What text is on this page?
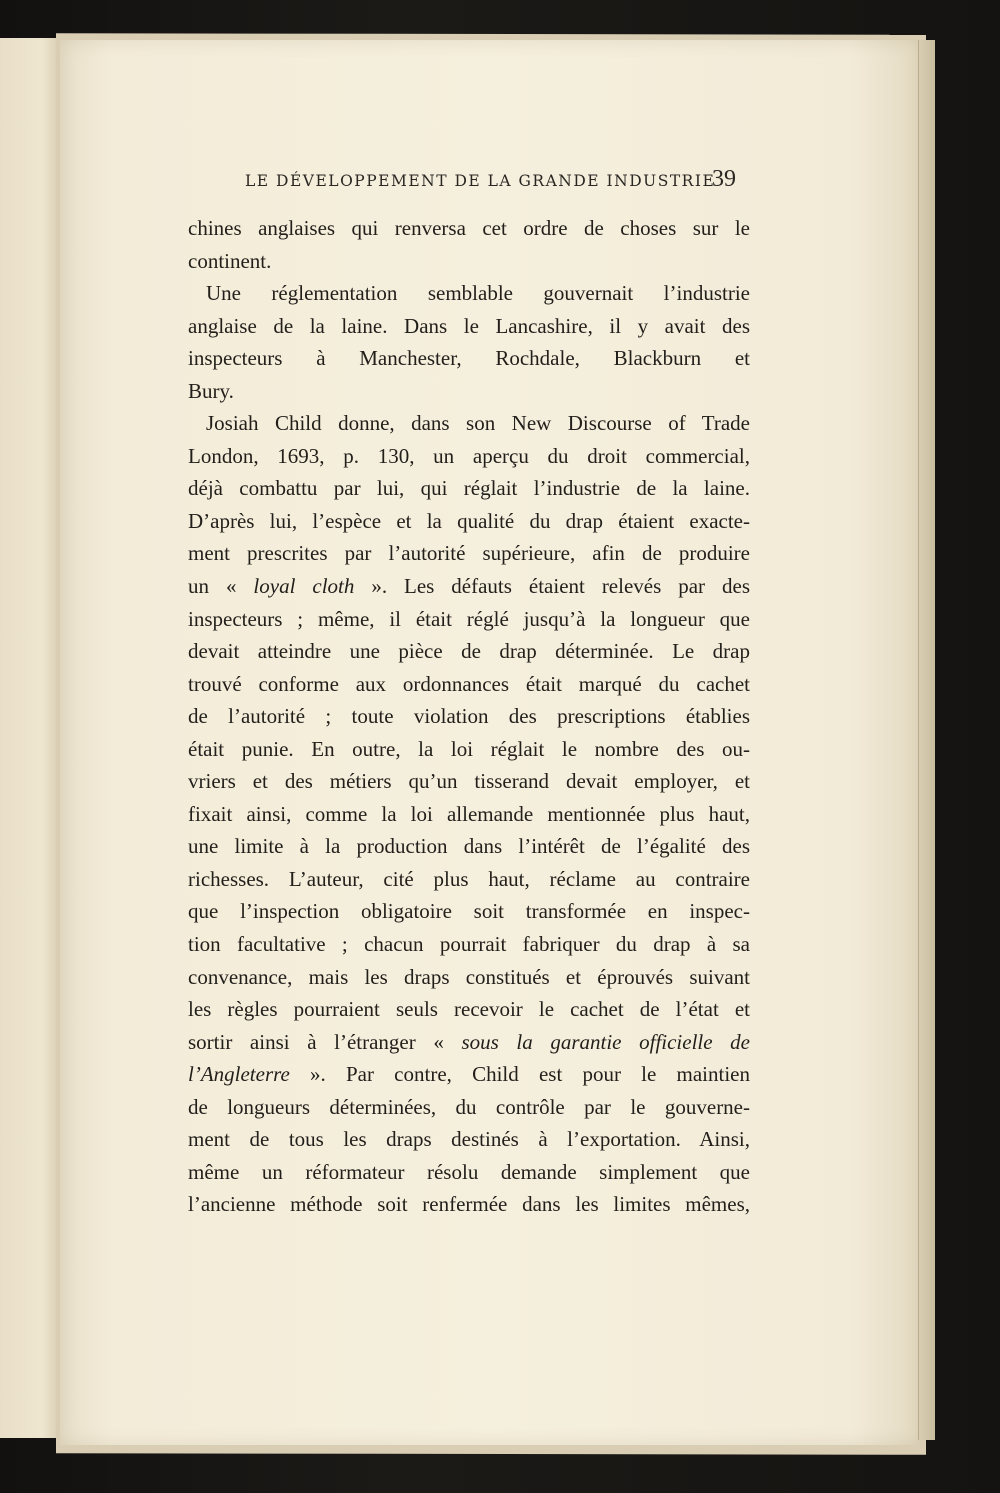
LE DÉVELOPPEMENT DE LA GRANDE INDUSTRIE
39
chines anglaises qui renversa cet ordre de choses sur le
continent.
Une réglementation semblable gouvernait l’industrie
anglaise de la laine. Dans le Lancashire, il y avait des
inspecteurs à Manchester, Rochdale, Blackburn et
Bury.
Josiah Child donne, dans son New Discourse of Trade
London, 1693, p. 130, un aperçu du droit commercial,
déjà combattu par lui, qui réglait l’industrie de la laine.
D’après lui, l’espèce et la qualité du drap étaient exacte-
ment prescrites par l’autorité supérieure, afin de produire
un « loyal cloth ». Les défauts étaient relevés par des
inspecteurs ; même, il était réglé jusqu’à la longueur que
devait atteindre une pièce de drap déterminée. Le drap
trouvé conforme aux ordonnances était marqué du cachet
de l’autorité ; toute violation des prescriptions établies
était punie. En outre, la loi réglait le nombre des ou-
vriers et des métiers qu’un tisserand devait employer, et
fixait ainsi, comme la loi allemande mentionnée plus haut,
une limite à la production dans l’intérêt de l’égalité des
richesses. L’auteur, cité plus haut, réclame au contraire
que l’inspection obligatoire soit transformée en inspec-
tion facultative ; chacun pourrait fabriquer du drap à sa
convenance, mais les draps constitués et éprouvés suivant
les règles pourraient seuls recevoir le cachet de l’état et
sortir ainsi à l’étranger « sous la garantie officielle de
l’Angleterre ». Par contre, Child est pour le maintien
de longueurs déterminées, du contrôle par le gouverne-
ment de tous les draps destinés à l’exportation. Ainsi,
même un réformateur résolu demande simplement que
l’ancienne méthode soit renfermée dans les limites mêmes,
